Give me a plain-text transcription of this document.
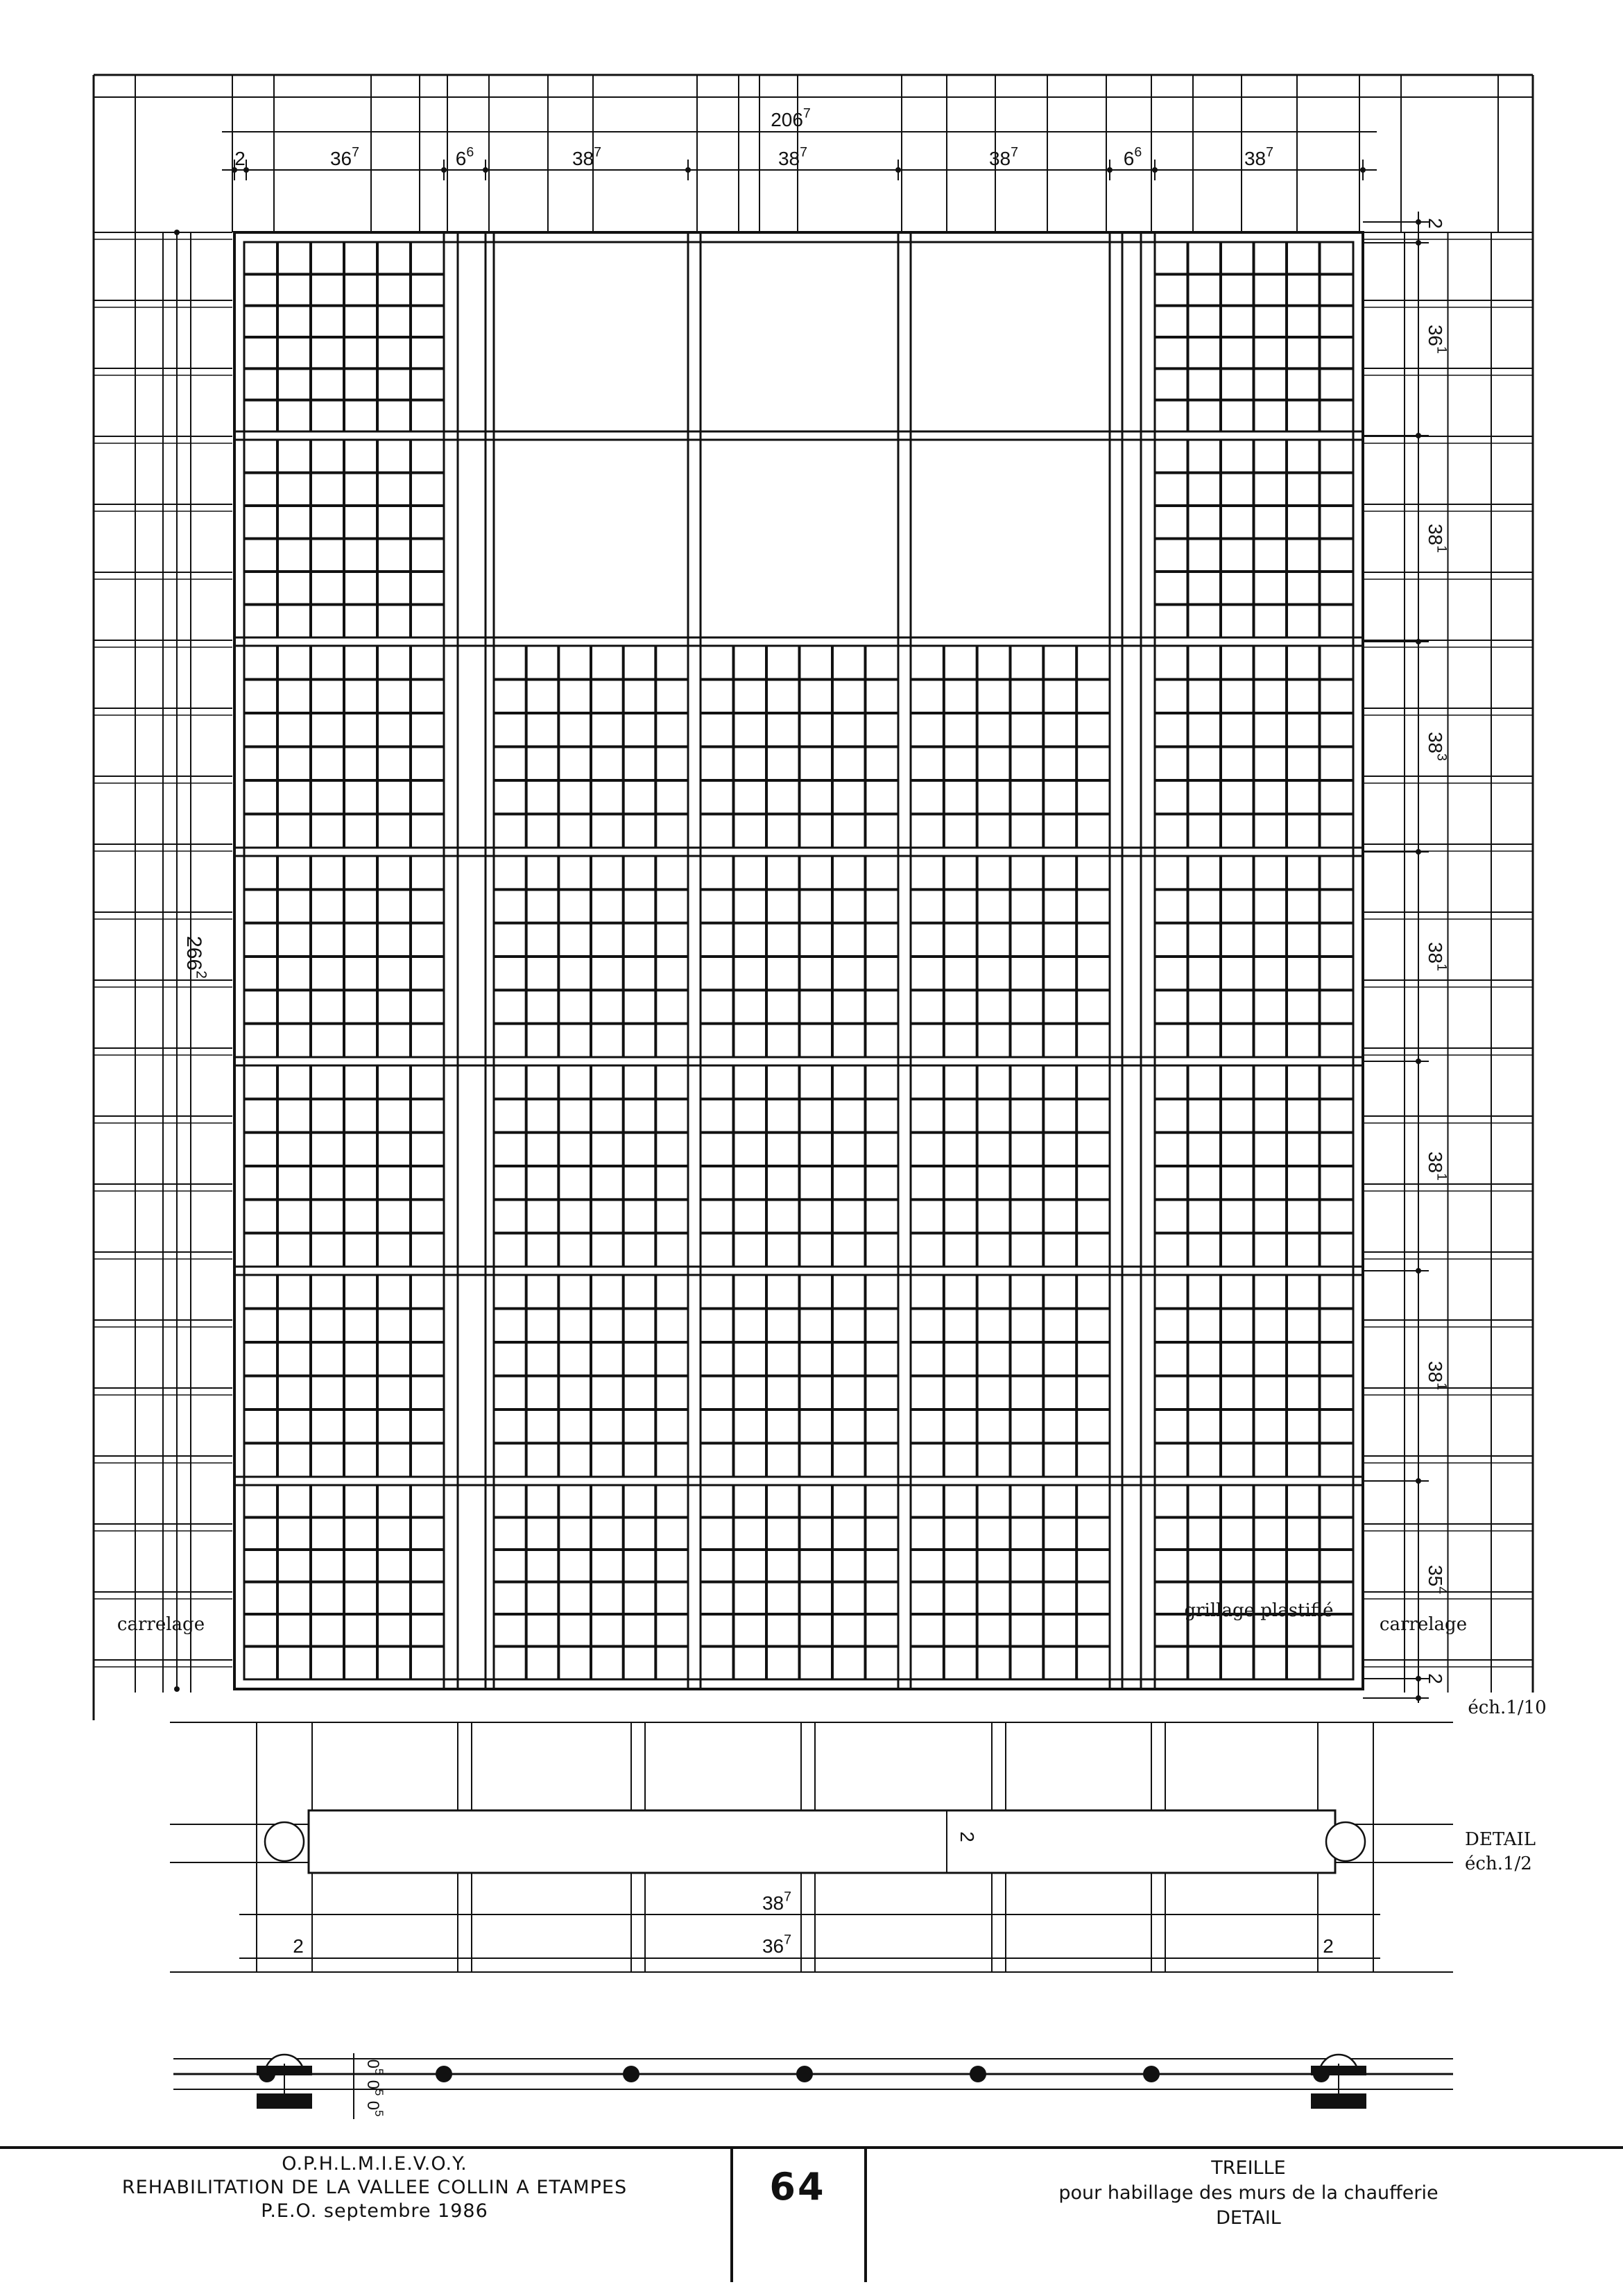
$206^7$
2	$36^7$	$6^6$	$38^7$	$38^7$	$38^7$	$6^6$	$38^7$
2
$36^1$
$38^1$
$38^3$
$38^1$
$38^1$
$38^1$
$35^4$
2
$266^2$
carrelage
grillage plastifié
carrelage
éch.1/10
DETAIL
éch.1/2
2
$38^7$
$36^7$
2	2
$0^5$
$0^5$
$0^5$
O.P.H.L.M.I.E.V.O.Y.
REHABILITATION DE LA VALLEE COLLIN A ETAMPES
P.E.O. septembre 1986
64	TREILLE
pour habillage des murs de la chaufferie
DETAIL
